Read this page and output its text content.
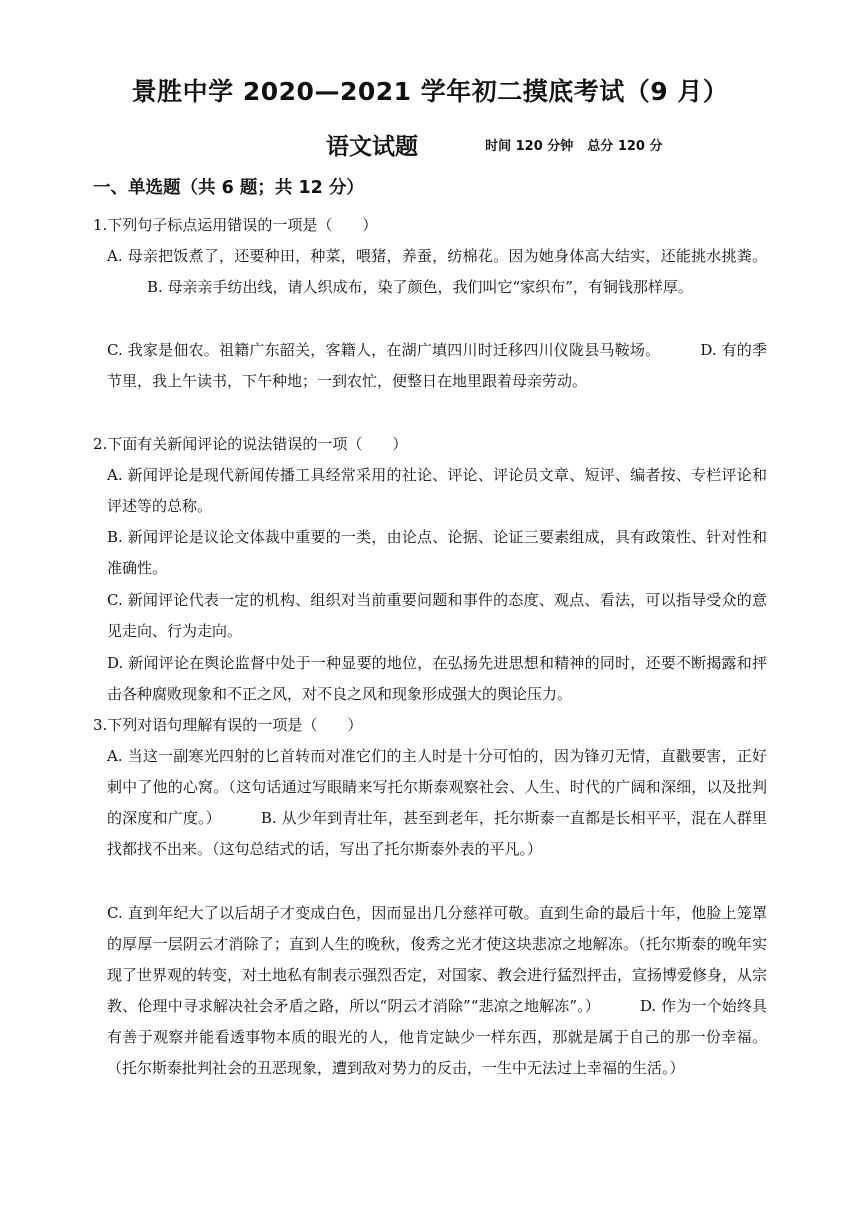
景胜中学 2020—2021 学年初二摸底考试（9 月）
语文试题	时间 120 分钟 总分 120 分
一、单选题（共 6 题；共 12 分）
1.下列句子标点运用错误的一项是（　　）
A. 母亲把饭煮了，还要种田，种菜，喂猪，养蚕，纺棉花。因为她身体高大结实，还能挑水挑粪。B. 母亲亲手纺出线，请人织成布，染了颜色，我们叫它“家织布”，有铜钱那样厚。
C. 我家是佃农。祖籍广东韶关，客籍人，在湖广填四川时迁移四川仪陇县马鞍场。	D. 有的季节里，我上午读书，下午种地；一到农忙，便整日在地里跟着母亲劳动。
2.下面有关新闻评论的说法错误的一项（　　）
A. 新闻评论是现代新闻传播工具经常采用的社论、评论、评论员文章、短评、编者按、专栏评论和评述等的总称。
B. 新闻评论是议论文体裁中重要的一类，由论点、论据、论证三要素组成，具有政策性、针对性和准确性。
C. 新闻评论代表一定的机构、组织对当前重要问题和事件的态度、观点、看法，可以指导受众的意见走向、行为走向。
D. 新闻评论在舆论监督中处于一种显要的地位，在弘扬先进思想和精神的同时，还要不断揭露和抨击各种腐败现象和不正之风，对不良之风和现象形成强大的舆论压力。
3.下列对语句理解有误的一项是（　　）
A. 当这一副寒光四射的匕首转而对准它们的主人时是十分可怕的，因为锋刃无情，直戳要害，正好刺中了他的心窝。（这句话通过写眼睛来写托尔斯泰观察社会、人生、时代的广阔和深细，以及批判的深度和广度。）	B. 从少年到青壮年，甚至到老年，托尔斯泰一直都是长相平平，混在人群里找都找不出来。（这句总结式的话，写出了托尔斯泰外表的平凡。）
C. 直到年纪大了以后胡子才变成白色，因而显出几分慈祥可敬。直到生命的最后十年，他脸上笼罩的厚厚一层阴云才消除了；直到人生的晚秋，俊秀之光才使这块悲凉之地解冻。（托尔斯泰的晚年实现了世界观的转变，对土地私有制表示强烈否定，对国家、教会进行猛烈抨击，宣扬博爱修身，从宗教、伦理中寻求解决社会矛盾之路，所以“阴云才消除”“悲凉之地解冻”。）	D. 作为一个始终具有善于观察并能看透事物本质的眼光的人，他肯定缺少一样东西，那就是属于自己的那一份幸福。（托尔斯泰批判社会的丑恶现象，遭到敌对势力的反击，一生中无法过上幸福的生活。）
